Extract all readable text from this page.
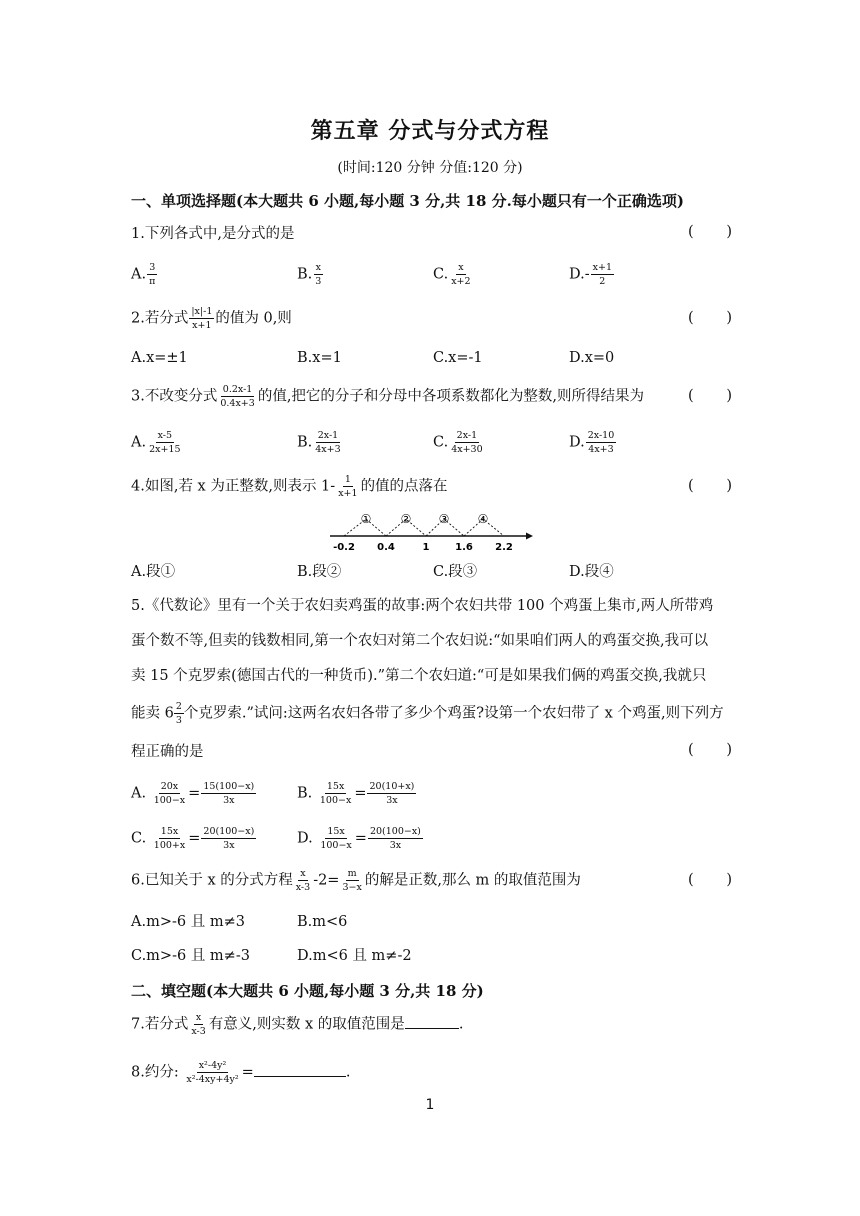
第五章 分式与分式方程
(时间:120 分钟 分值:120 分)
一、单项选择题(本大题共 6 小题,每小题 3 分,共 18 分.每小题只有一个正确选项)
1.下列各式中,是分式的是	( )
A. $\frac{3}{\pi}$	B. $\frac{x}{3}$	C. $\frac{x}{x+2}$	$D.- \frac{x+1}{2}$
2.若分式 $\frac{|x|-1}{x+1}$ 的值为 0,则	( )
A.x=±1	B.x=1	C.x=-1	D.x=0
3.不改变分式 $\frac{0.2x-1}{0.4x+3}$ 的值,把它的分子和分母中各项系数都化为整数,则所得结果为	( )
A. $\frac{x-5}{2x+15}$	B. $\frac{2x-1}{4x+3}$	C. $\frac{2x-1}{4x+30}$	D. $\frac{2x-10}{4x+3}$
4.如图,若 x 为正整数,则表示 $1- \frac{1}{x+1}$ 的值的点落在	( )
① ② ③ ④
-0.2 0.4	1	1.6 2.2
A.段①	B.段②	C.段③	D.段④
5.《代数论》里有一个关于农妇卖鸡蛋的故事:两个农妇共带 100 个鸡蛋上集市,两人所带鸡
蛋个数不等,但卖的钱数相同,第一个农妇对第二个农妇说:“如果咱们两人的鸡蛋交换,我可以
卖 15 个克罗索(德国古代的一种货币).”第二个农妇道:“可是如果我们俩的鸡蛋交换,我就只
能卖 $6 \frac{2}{3}$ 个克罗索.”试问:这两名农妇各带了多少个鸡蛋?设第一个农妇带了 x 个鸡蛋,则下列方
程正确的是	( )
A. $\frac{20x}{100-x} = \frac{15(100-x)}{3x}$	B. $\frac{15x}{100-x} = \frac{20(10+x)}{3x}$
C. $\frac{15x}{100+x} = \frac{20(100-x)}{3x}$	D. $\frac{15x}{100-x} = \frac{20(100-x)}{3x}$
6.已知关于 x 的分式方程 $\frac{x}{x-3} -2= \frac{m}{3-x}$ 的解是正数,那么 m 的取值范围为	( )
A.m>-6 且 m≠3	B.m<6
C.m>-6 且 m≠-3	D.m<6 且 m≠-2
二、填空题(本大题共 6 小题,每小题 3 分,共 18 分)
7.若分式 $\frac{x}{x-3}$ 有意义,则实数 x 的取值范围是	.
8.约分: $\frac{\text{x²-4y²}}{\text{x²-4xy+4y²}}$ =	.
1
